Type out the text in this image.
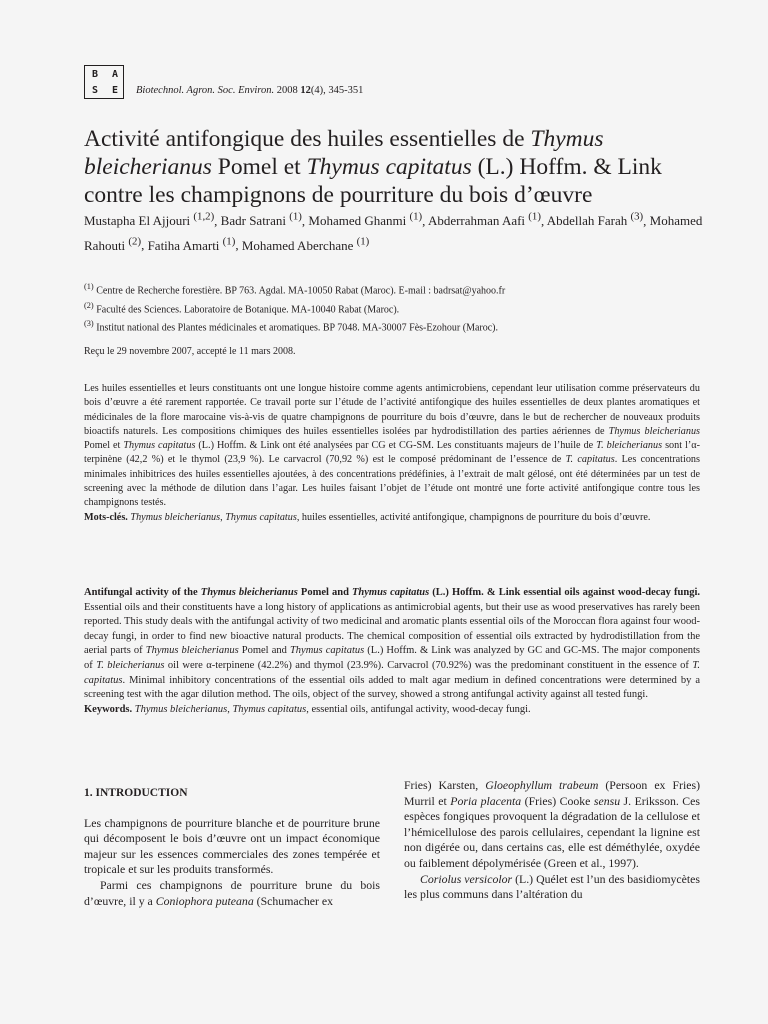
B	A
S	E	Biotechnol. Agron. Soc. Environ. 2008 12(4), 345-351
Activité antifongique des huiles essentielles de Thymus bleicherianus Pomel et Thymus capitatus (L.) Hoffm. & Link contre les champignons de pourriture du bois d’œuvre
Mustapha El Ajjouri $^{(1,2)}$, Badr Satrani $^{(1)}$, Mohamed Ghanmi $^{(1)}$, Abderrahman Aafi $^{(1)}$, Abdellah Farah $^{(3)}$, Mohamed Rahouti $^{(2)}$, Fatiha Amarti $^{(1)}$, Mohamed Aberchane $^{(1)}$
$^{(1)}$ Centre de Recherche forestière. BP 763. Agdal. MA-10050 Rabat (Maroc). E-mail : badrsat@yahoo.fr
$^{(2)}$ Faculté des Sciences. Laboratoire de Botanique. MA-10040 Rabat (Maroc).
$^{(3)}$ Institut national des Plantes médicinales et aromatiques. BP 7048. MA-30007 Fès-Ezohour (Maroc).
Reçu le 29 novembre 2007, accepté le 11 mars 2008.
Les huiles essentielles et leurs constituants ont une longue histoire comme agents antimicrobiens, cependant leur utilisation comme préservateurs du bois d’œuvre a été rarement rapportée. Ce travail porte sur l’étude de l’activité antifongique des huiles essentielles de deux plantes aromatiques et médicinales de la flore marocaine vis-à-vis de quatre champignons de pourriture du bois d’œuvre, dans le but de rechercher de nouveaux produits bioactifs naturels. Les compositions chimiques des huiles essentielles isolées par hydrodistillation des parties aériennes de Thymus bleicherianus Pomel et Thymus capitatus (L.) Hoffm. & Link ont été analysées par CG et CG-SM. Les constituants majeurs de l’huile de T. bleicherianus sont l’α-terpinène (42,2 %) et le thymol (23,9 %). Le carvacrol (70,92 %) est le composé prédominant de l’essence de T. capitatus. Les concentrations minimales inhibitrices des huiles essentielles ajoutées, à des concentrations prédéfinies, à l’extrait de malt gélosé, ont été déterminées par un test de screening avec la méthode de dilution dans l’agar. Les huiles faisant l’objet de l’étude ont montré une forte activité antifongique contre tous les champignons testés.
Mots-clés. Thymus bleicherianus, Thymus capitatus, huiles essentielles, activité antifongique, champignons de pourriture du bois d’œuvre.
Antifungal activity of the Thymus bleicherianus Pomel and Thymus capitatus (L.) Hoffm. & Link essential oils against wood-decay fungi. Essential oils and their constituents have a long history of applications as antimicrobial agents, but their use as wood preservatives has rarely been reported. This study deals with the antifungal activity of two medicinal and aromatic plants essential oils of the Moroccan flora against four wood-decay fungi, in order to find new bioactive natural products. The chemical composition of essential oils extracted by hydrodistillation from the aerial parts of Thymus bleicherianus Pomel and Thymus capitatus (L.) Hoffm. & Link was analyzed by GC and GC-MS. The major components of T. bleicherianus oil were α-terpinene (42.2%) and thymol (23.9%). Carvacrol (70.92%) was the predominant constituent in the essence of T. capitatus. Minimal inhibitory concentrations of the essential oils added to malt agar medium in defined concentrations were determined by a screening test with the agar dilution method. The oils, object of the survey, showed a strong antifungal activity against all tested fungi.
Keywords. Thymus bleicherianus, Thymus capitatus, essential oils, antifungal activity, wood-decay fungi.
1. INTRODUCTION

Les champignons de pourriture blanche et de pourriture brune qui décomposent le bois d’œuvre ont un impact économique majeur sur les essences commerciales des zones tempérée et tropicale et sur les produits transformés.

Parmi ces champignons de pourriture brune du bois d’œuvre, il y a Coniophora puteana (Schumacher ex

Fries) Karsten, Gloeophyllum trabeum (Persoon ex Fries) Murril et Poria placenta (Fries) Cooke sensu J. Eriksson. Ces espèces fongiques provoquent la dégradation de la cellulose et l’hémicellulose des parois cellulaires, cependant la lignine est non digérée ou, dans certains cas, elle est déméthylée, oxydée ou faiblement dépolymérisée (Green et al., 1997).

Coriolus versicolor (L.) Quélet est l’un des basidiomycètes les plus communs dans l’altération du
